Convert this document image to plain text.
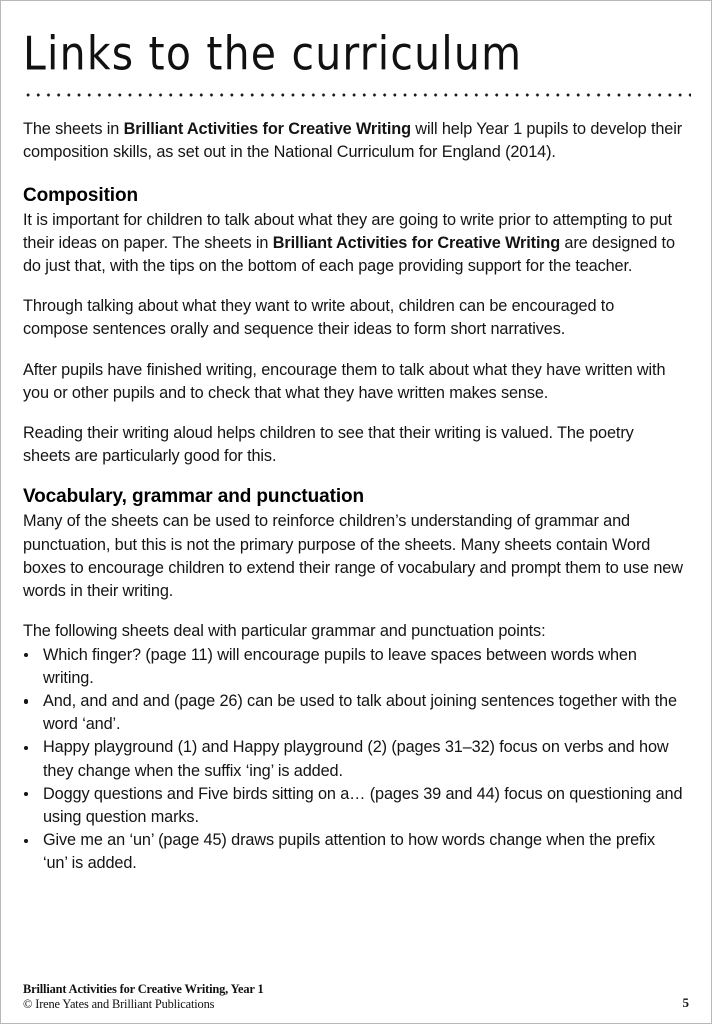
Links to the curriculum

The sheets in Brilliant Activities for Creative Writing will help Year 1 pupils to develop their composition skills, as set out in the National Curriculum for England (2014).

Composition

It is important for children to talk about what they are going to write prior to attempting to put their ideas on paper. The sheets in Brilliant Activities for Creative Writing are designed to do just that, with the tips on the bottom of each page providing support for the teacher.

Through talking about what they want to write about, children can be encouraged to compose sentences orally and sequence their ideas to form short narratives.

After pupils have finished writing, encourage them to talk about what they have written with you or other pupils and to check that what they have written makes sense.

Reading their writing aloud helps children to see that their writing is valued. The poetry sheets are particularly good for this.

Vocabulary, grammar and punctuation

Many of the sheets can be used to reinforce children’s understanding of grammar and punctuation, but this is not the primary purpose of the sheets. Many sheets contain Word boxes to encourage children to extend their range of vocabulary and prompt them to use new words in their writing.

The following sheets deal with particular grammar and punctuation points:

Which finger? (page 11) will encourage pupils to leave spaces between words when writing.
And, and and and (page 26) can be used to talk about joining sentences together with the word ‘and’.
Happy playground (1) and Happy playground (2) (pages 31–32) focus on verbs and how they change when the suffix ‘ing’ is added.
Doggy questions and Five birds sitting on a… (pages 39 and 44) focus on questioning and using question marks.
Give me an ‘un’ (page 45) draws pupils attention to how words change when the prefix ‘un’ is added.
Brilliant Activities for Creative Writing, Year 1
© Irene Yates and Brilliant Publications	5
